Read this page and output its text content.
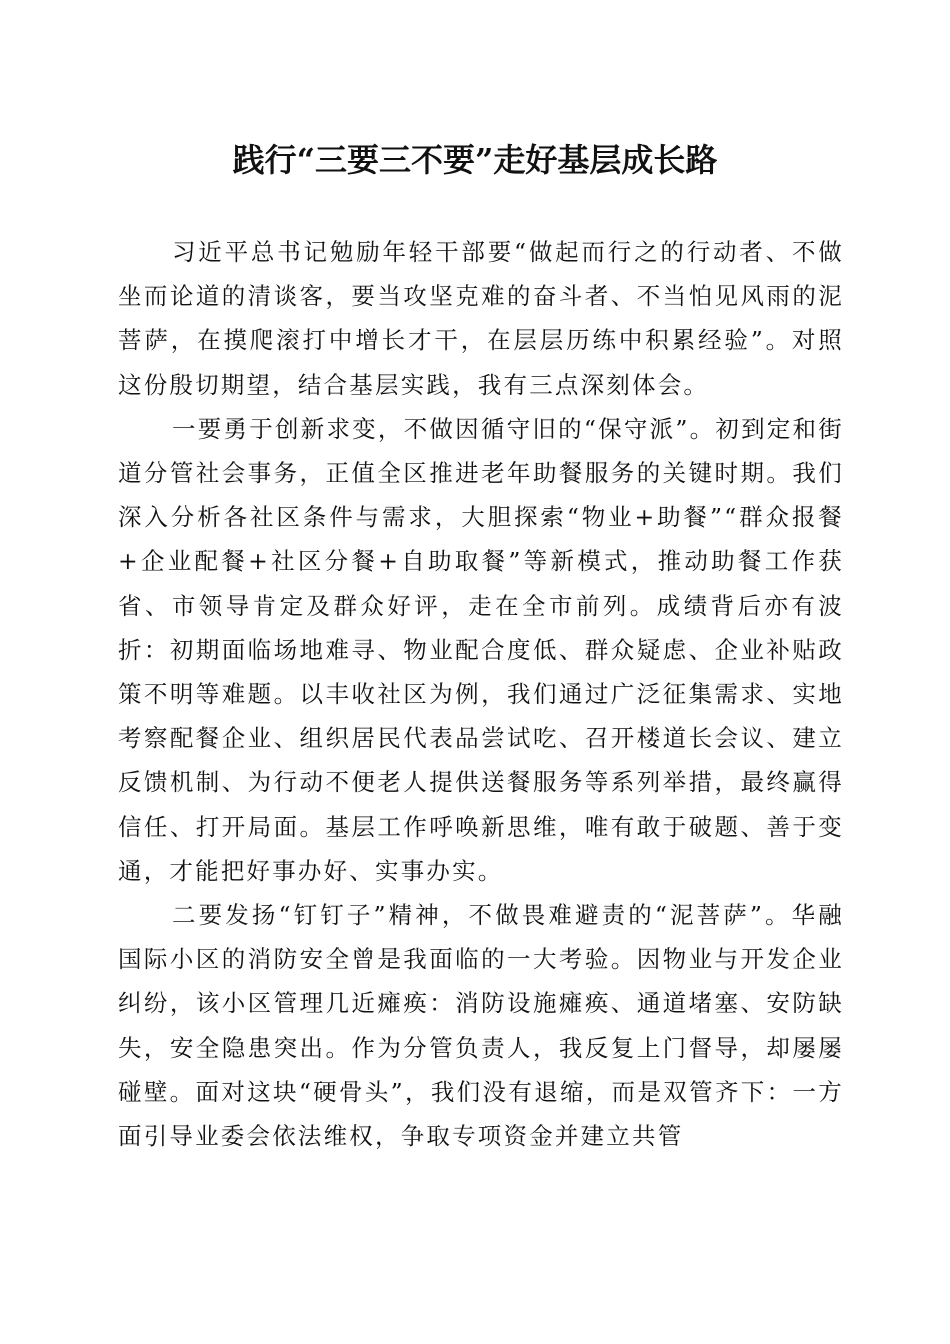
践行“三要三不要”走好基层成长路

习近平总书记勉励年轻干部要“做起而行之的行动者、不做坐而论道的清谈客，要当攻坚克难的奋斗者、不当怕见风雨的泥菩萨，在摸爬滚打中增长才干，在层层历练中积累经验”。对照这份殷切期望，结合基层实践，我有三点深刻体会。

一要勇于创新求变，不做因循守旧的“保守派”。初到定和街道分管社会事务，正值全区推进老年助餐服务的关键时期。我们深入分析各社区条件与需求，大胆探索“物业+助餐”“群众报餐+企业配餐+社区分餐+自助取餐”等新模式，推动助餐工作获省、市领导肯定及群众好评，走在全市前列。成绩背后亦有波折：初期面临场地难寻、物业配合度低、群众疑虑、企业补贴政策不明等难题。以丰收社区为例，我们通过广泛征集需求、实地考察配餐企业、组织居民代表品尝试吃、召开楼道长会议、建立反馈机制、为行动不便老人提供送餐服务等系列举措，最终赢得信任、打开局面。基层工作呼唤新思维，唯有敢于破题、善于变通，才能把好事办好、实事办实。

二要发扬“钉钉子”精神，不做畏难避责的“泥菩萨”。华融国际小区的消防安全曾是我面临的一大考验。因物业与开发企业纠纷，该小区管理几近瘫痪：消防设施瘫痪、通道堵塞、安防缺失，安全隐患突出。作为分管负责人，我反复上门督导，却屡屡碰壁。面对这块“硬骨头”，我们没有退缩，而是双管齐下：一方面引导业委会依法维权，争取专项资金并建立共管
